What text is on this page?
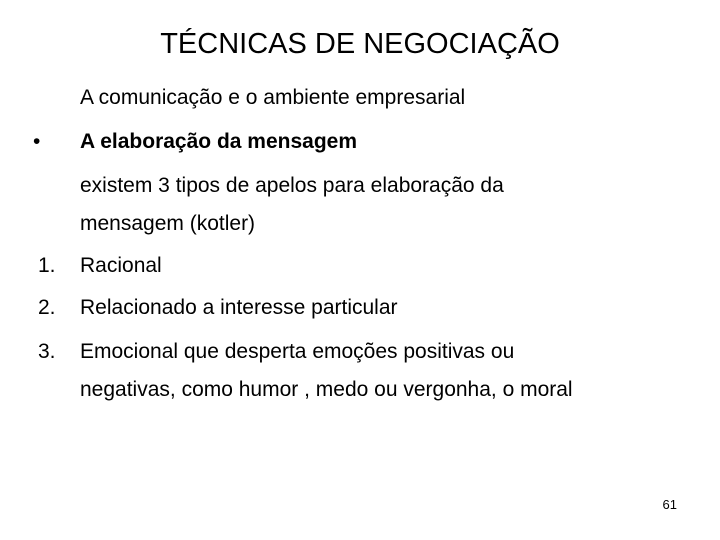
TÉCNICAS DE NEGOCIAÇÃO
A comunicação e o ambiente empresarial
• A elaboração da mensagem
existem 3 tipos de apelos para elaboração da
mensagem (kotler)
1. Racional
2. Relacionado a interesse particular
3. Emocional que desperta emoções positivas ou
negativas, como humor , medo ou vergonha, o moral
61
